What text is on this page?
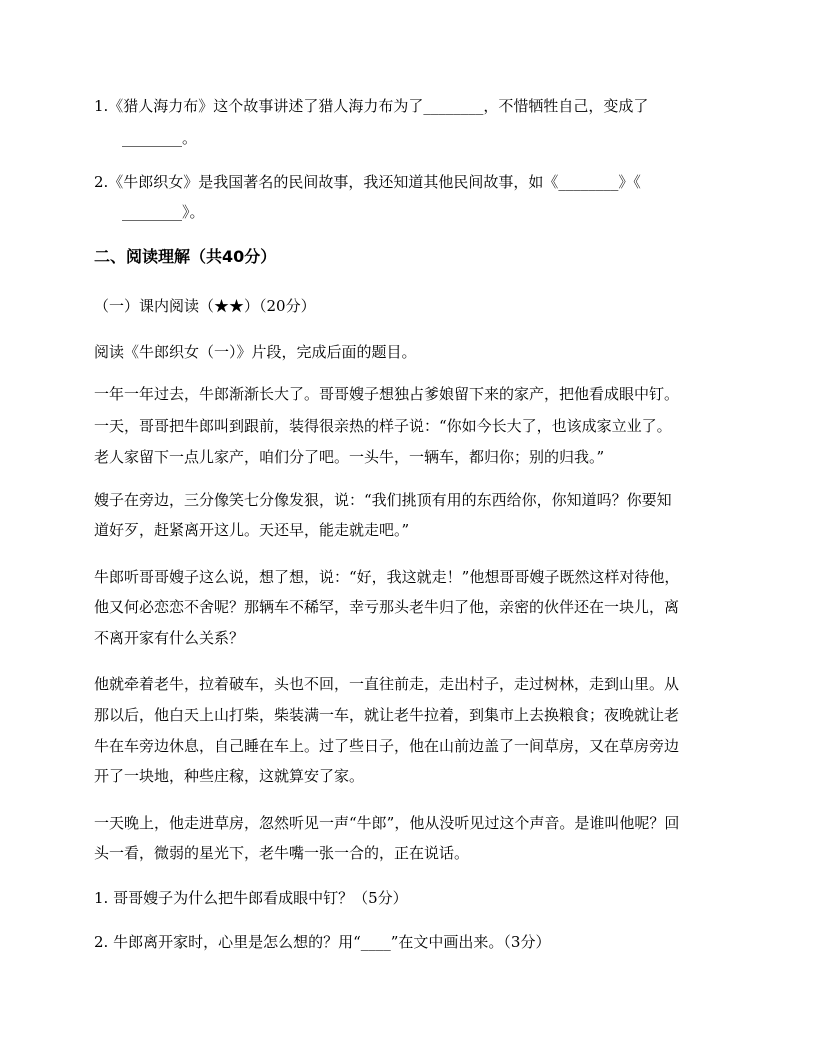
1.《猎人海力布》这个故事讲述了猎人海力布为了________，不惜牺牲自己，变成了

________。

2.《牛郎织女》是我国著名的民间故事，我还知道其他民间故事，如《________》《

________》。

二、阅读理解（共40分）

（一）课内阅读（★★）（20分）

阅读《牛郎织女（一）》片段，完成后面的题目。

一年一年过去，牛郎渐渐长大了。哥哥嫂子想独占爹娘留下来的家产，把他看成眼中钉。

一天，哥哥把牛郎叫到跟前，装得很亲热的样子说：“你如今长大了，也该成家立业了。

老人家留下一点儿家产，咱们分了吧。一头牛，一辆车，都归你；别的归我。”

嫂子在旁边，三分像笑七分像发狠，说：“我们挑顶有用的东西给你，你知道吗？你要知

道好歹，赶紧离开这儿。天还早，能走就走吧。”

牛郎听哥哥嫂子这么说，想了想，说：“好，我这就走！”他想哥哥嫂子既然这样对待他，

他又何必恋恋不舍呢？那辆车不稀罕，幸亏那头老牛归了他，亲密的伙伴还在一块儿，离

不离开家有什么关系？

他就牵着老牛，拉着破车，头也不回，一直往前走，走出村子，走过树林，走到山里。从

那以后，他白天上山打柴，柴装满一车，就让老牛拉着，到集市上去换粮食；夜晚就让老

牛在车旁边休息，自己睡在车上。过了些日子，他在山前边盖了一间草房，又在草房旁边

开了一块地，种些庄稼，这就算安了家。

一天晚上，他走进草房，忽然听见一声“牛郎”，他从没听见过这个声音。是谁叫他呢？回

头一看，微弱的星光下，老牛嘴一张一合的，正在说话。

1. 哥哥嫂子为什么把牛郎看成眼中钉？（5分）

2. 牛郎离开家时，心里是怎么想的？用“____”在文中画出来。（3分）
